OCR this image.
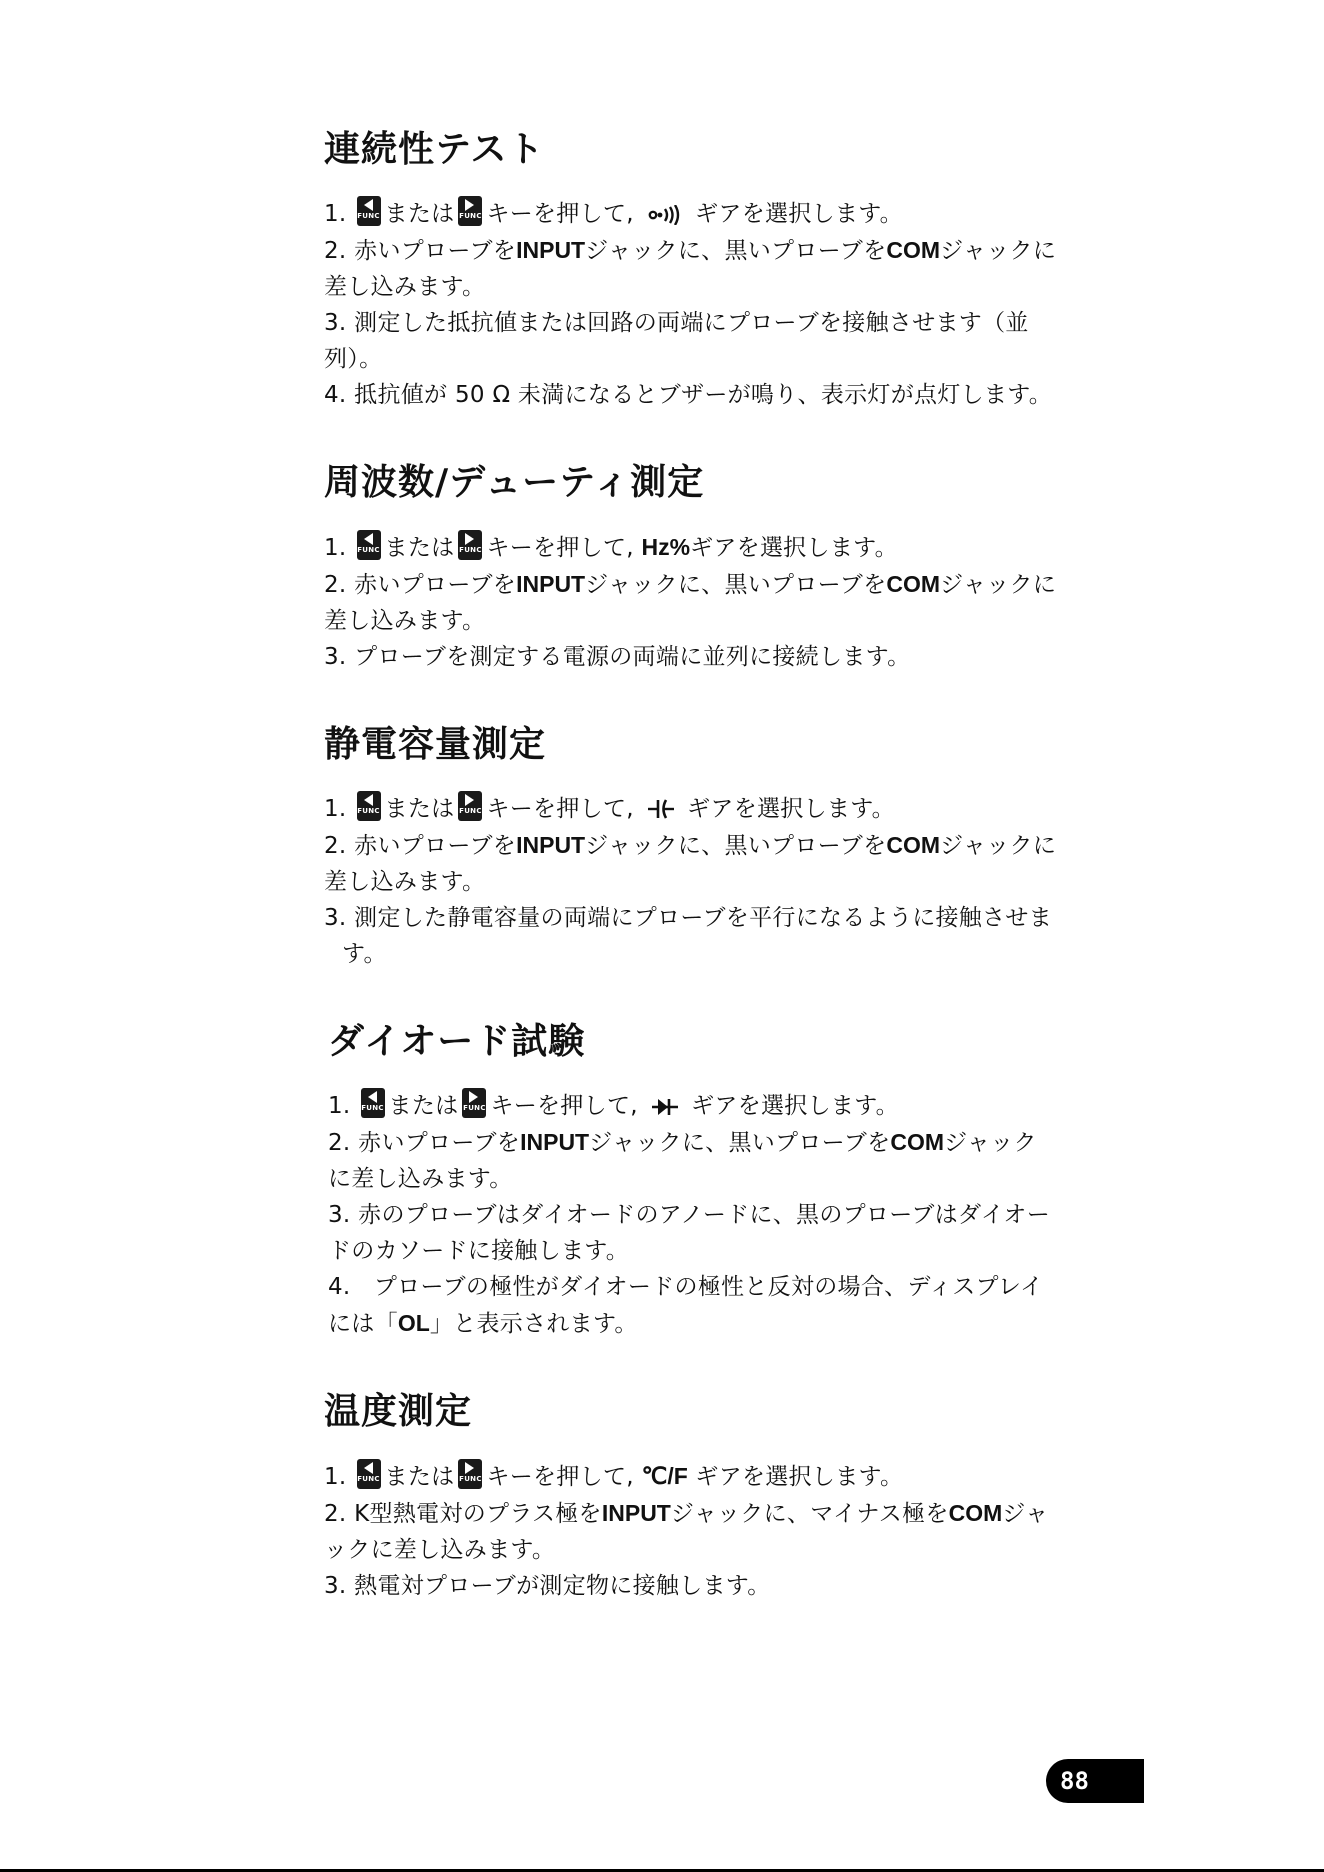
連続性テスト

1. FUNC または FUNC キーを押して,	ギアを選択します。

2. 赤いプローブをINPUTジャックに、黒いプローブをCOMジャックに差し込みます。

3. 測定した抵抗値または回路の両端にプローブを接触させます（並列）。

4. 抵抗値が 50 Ω 未満になるとブザーが鳴り、表示灯が点灯します。

周波数/デューティ測定

1. FUNC または FUNC キーを押して, Hz%ギアを選択します。

2. 赤いプローブをINPUTジャックに、黒いプローブをCOMジャックに差し込みます。

3. プローブを測定する電源の両端に並列に接続します。

静電容量測定

1. FUNC または FUNC キーを押して, ギアを選択します。

2. 赤いプローブをINPUTジャックに、黒いプローブをCOMジャックに差し込みます。

3. 測定した静電容量の両端にプローブを平行になるように接触させま
す。

ダイオード試験

1. FUNC または FUNC キーを押して, ギアを選択します。

2. 赤いプローブをINPUTジャックに、黒いプローブをCOMジャックに差し込みます。

3. 赤のプローブはダイオードのアノードに、黒のプローブはダイオードのカソードに接触します。

4.　プローブの極性がダイオードの極性と反対の場合、ディスプレイには「OL」と表示されます。

温度測定

1. FUNC または FUNC キーを押して, ℃/F ギアを選択します。

2. K型熱電対のプラス極をINPUTジャックに、マイナス極をCOMジャックに差し込みます。

3. 熱電対プローブが測定物に接触します。

88
